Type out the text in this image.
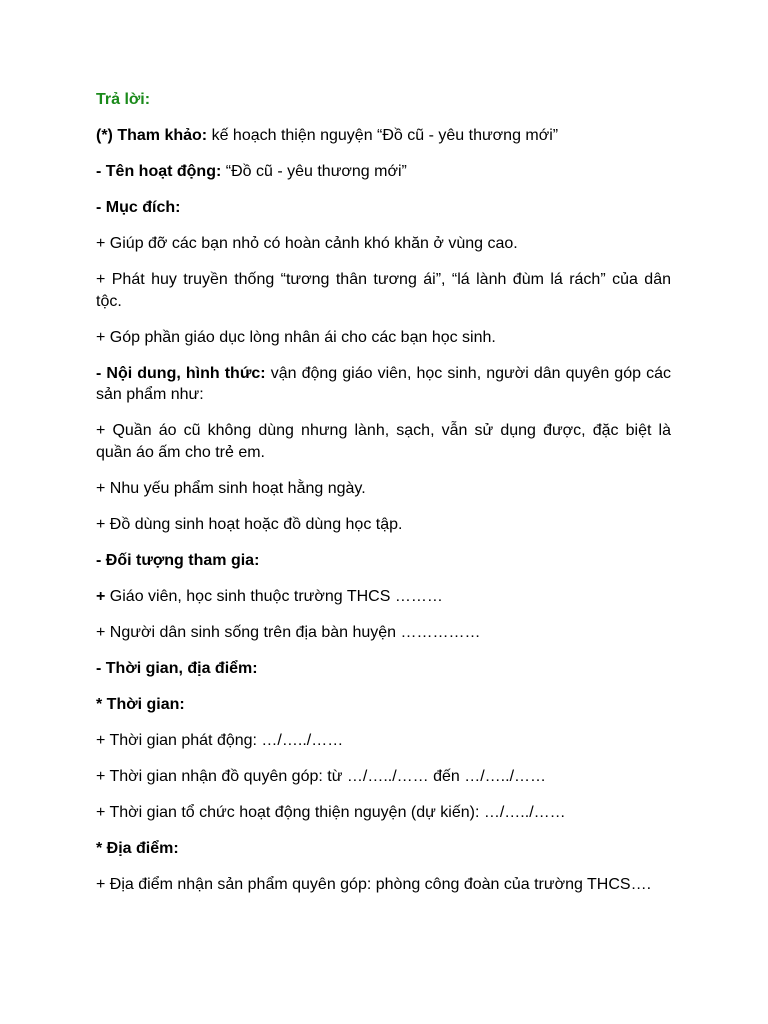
Trả lời:

(*) Tham khảo: kế hoạch thiện nguyện “Đồ cũ - yêu thương mới”

- Tên hoạt động: “Đồ cũ - yêu thương mới”

- Mục đích:

+ Giúp đỡ các bạn nhỏ có hoàn cảnh khó khăn ở vùng cao.

+ Phát huy truyền thống “tương thân tương ái”, “lá lành đùm lá rách” của dân tộc.

+ Góp phần giáo dục lòng nhân ái cho các bạn học sinh.

- Nội dung, hình thức: vận động giáo viên, học sinh, người dân quyên góp các sản phẩm như:

+ Quần áo cũ không dùng nhưng lành, sạch, vẫn sử dụng được, đặc biệt là quần áo ấm cho trẻ em.

+ Nhu yếu phẩm sinh hoạt hằng ngày.

+ Đồ dùng sinh hoạt hoặc đồ dùng học tập.

- Đối tượng tham gia:

+ Giáo viên, học sinh thuộc trường THCS ………

+ Người dân sinh sống trên địa bàn huyện ……………

- Thời gian, địa điểm:

* Thời gian:

+ Thời gian phát động: …/…../……

+ Thời gian nhận đồ quyên góp: từ …/…../…… đến …/…../……

+ Thời gian tổ chức hoạt động thiện nguyện (dự kiến): …/…../……

* Địa điểm:

+ Địa điểm nhận sản phẩm quyên góp: phòng công đoàn của trường THCS….
